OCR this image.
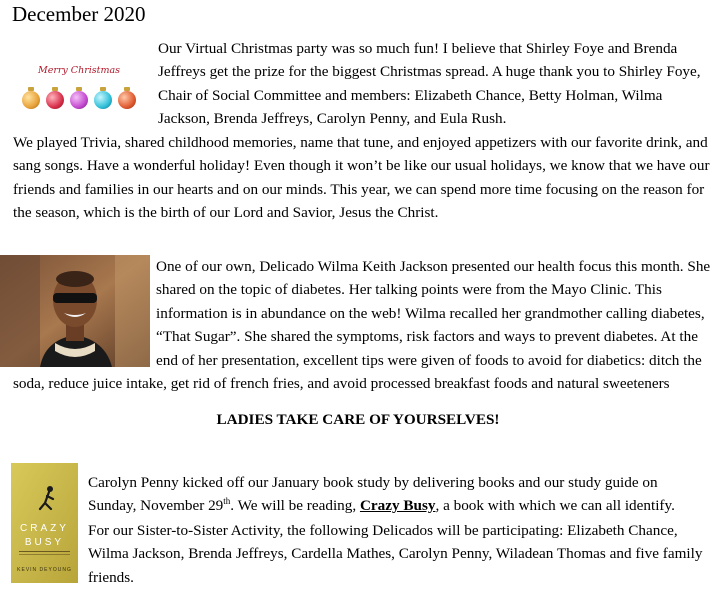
December 2020
Merry Christmas

Our Virtual Christmas party was so much fun! I believe that Shirley Foye and Brenda Jeffreys get the prize for the biggest Christmas spread. A huge thank you to Shirley Foye, Chair of Social Committee and members: Elizabeth Chance, Betty Holman, Wilma Jackson, Brenda Jeffreys, Carolyn Penny, and Eula Rush.

We played Trivia, shared childhood memories, name that tune, and enjoyed appetizers with our favorite drink, and sang songs. Have a wonderful holiday! Even though it won’t be like our usual holidays, we know that we have our friends and families in our hearts and on our minds. This year, we can spend more time focusing on the reason for the season, which is the birth of our Lord and Savior, Jesus the Christ.

One of our own, Delicado Wilma Keith Jackson presented our health focus this month. She shared on the topic of diabetes. Her talking points were from the Mayo Clinic. This information is in abundance on the web! Wilma recalled her grandmother calling diabetes, “That Sugar”. She shared the symptoms, risk factors and ways to prevent diabetes. At the end of her presentation, excellent tips were given of foods to avoid for diabetics: ditch the soda, reduce juice intake, get rid of french fries, and avoid processed breakfast foods and natural sweeteners
LADIES TAKE CARE OF YOURSELVES!
CRAZY
BUSY
KEVIN DEYOUNG

Carolyn Penny kicked off our January book study by delivering books and our study guide on Sunday, November 29th. We will be reading, Crazy Busy, a book with which we can all identify.

For our Sister-to-Sister Activity, the following Delicados will be participating: Elizabeth Chance, Wilma Jackson, Brenda Jeffreys, Cardella Mathes, Carolyn Penny, Wiladean Thomas and five family friends.
